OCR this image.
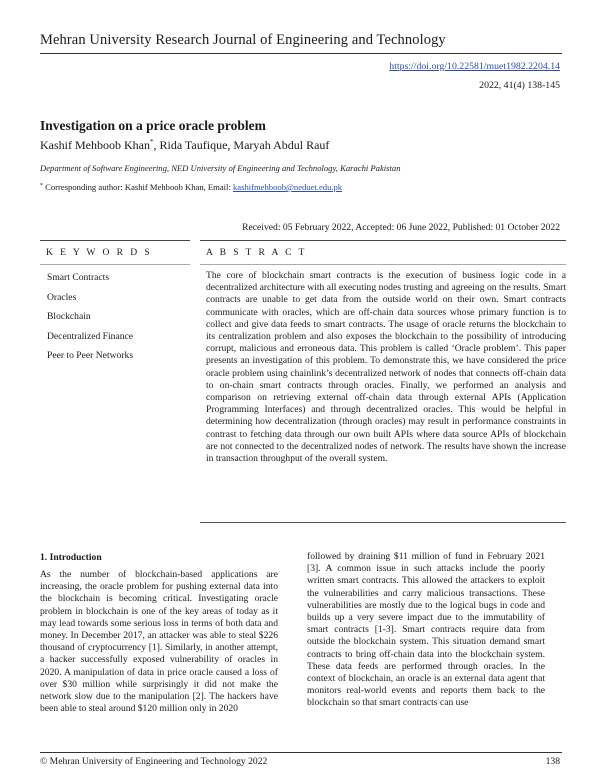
Mehran University Research Journal of Engineering and Technology
https://doi.org/10.22581/muet1982.2204.14
2022, 41(4) 138-145
Investigation on a price oracle problem
Kashif Mehboob Khan*, Rida Taufique, Maryah Abdul Rauf
Department of Software Engineering, NED University of Engineering and Technology, Karachi Pakistan
* Corresponding author: Kashif Mehboob Khan, Email: kashifmehboob@neduet.edu.pk
Received: 05 February 2022, Accepted: 06 June 2022, Published: 01 October 2022
K E Y W O R D S	A B S T R A C T
Smart Contracts
Oracles
Blockchain
Decentralized Finance
Peer to Peer Networks

The core of blockchain smart contracts is the execution of business logic code in a decentralized architecture with all executing nodes trusting and agreeing on the results. Smart contracts are unable to get data from the outside world on their own. Smart contracts communicate with oracles, which are off-chain data sources whose primary function is to collect and give data feeds to smart contracts. The usage of oracle returns the blockchain to its centralization problem and also exposes the blockchain to the possibility of introducing corrupt, malicious and erroneous data. This problem is called ‘Oracle problem’. This paper presents an investigation of this problem. To demonstrate this, we have considered the price oracle problem using chainlink’s decentralized network of nodes that connects off-chain data to on-chain smart contracts through oracles. Finally, we performed an analysis and comparison on retrieving external off-chain data through external APIs (Application Programming Interfaces) and through decentralized oracles. This would be helpful in determining how decentralization (through oracles) may result in performance constraints in contrast to fetching data through our own built APIs where data source APIs of blockchain are not connected to the decentralized nodes of network. The results have shown the increase in transaction throughput of the overall system.

1. Introduction

As the number of blockchain-based applications are increasing, the oracle problem for pushing external data into the blockchain is becoming critical. Investigating oracle problem in blockchain is one of the key areas of today as it may lead towards some serious loss in terms of both data and money. In December 2017, an attacker was able to steal $226 thousand of cryptocurrency [1]. Similarly, in another attempt, a hacker successfully exposed vulnerability of oracles in 2020. A manipulation of data in price oracle caused a loss of over $30 million while surprisingly it did not make the network slow due to the manipulation [2]. The hackers have been able to steal around $120 million only in 2020

followed by draining $11 million of fund in February 2021 [3]. A common issue in such attacks include the poorly written smart contracts. This allowed the attackers to exploit the vulnerabilities and carry malicious transactions. These vulnerabilities are mostly due to the logical bugs in code and builds up a very severe impact due to the immutability of smart contracts [1-3]. Smart contracts require data from outside the blockchain system. This situation demand smart contracts to bring off-chain data into the blockchain system. These data feeds are performed through oracles. In the context of blockchain, an oracle is an external data agent that monitors real-world events and reports them back to the blockchain so that smart contracts can use

© Mehran University of Engineering and Technology 2022	138
